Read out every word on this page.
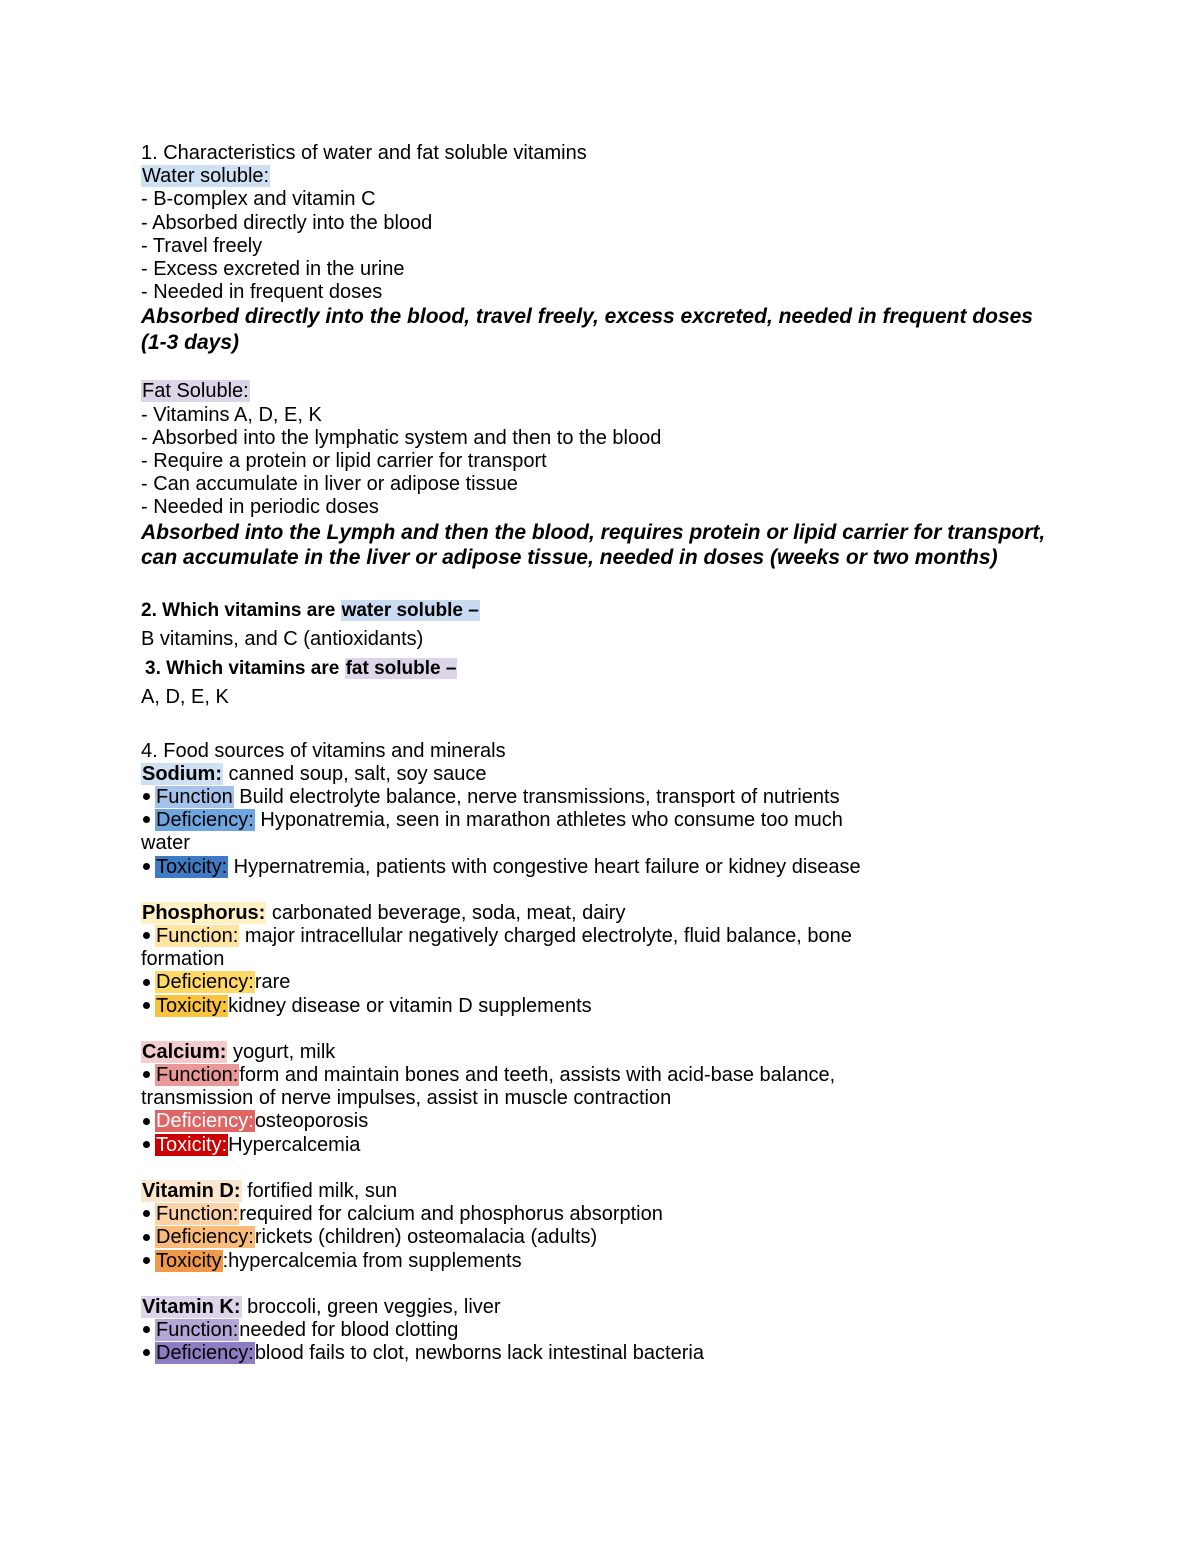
1. Characteristics of water and fat soluble vitamins
Water soluble:
- B-complex and vitamin C
- Absorbed directly into the blood
- Travel freely
- Excess excreted in the urine
- Needed in frequent doses
Absorbed directly into the blood, travel freely, excess excreted, needed in frequent doses (1-3 days)
Fat Soluble:
- Vitamins A, D, E, K
- Absorbed into the lymphatic system and then to the blood
- Require a protein or lipid carrier for transport
- Can accumulate in liver or adipose tissue
- Needed in periodic doses
Absorbed into the Lymph and then the blood, requires protein or lipid carrier for transport, can accumulate in the liver or adipose tissue, needed in doses (weeks or two months)
2. Which vitamins are water soluble –
B vitamins, and C (antioxidants)
3. Which vitamins are fat soluble –
A, D, E, K
4. Food sources of vitamins and minerals
Sodium: canned soup, salt, soy sauce
Function Build electrolyte balance, nerve transmissions, transport of nutrients
Deficiency: Hyponatremia, seen in marathon athletes who consume too much
water
Toxicity: Hypernatremia, patients with congestive heart failure or kidney disease
Phosphorus: carbonated beverage, soda, meat, dairy
Function: major intracellular negatively charged electrolyte, fluid balance, bone
formation
Deficiency:rare
Toxicity:kidney disease or vitamin D supplements
Calcium: yogurt, milk
Function:form and maintain bones and teeth, assists with acid-base balance,
transmission of nerve impulses, assist in muscle contraction
Deficiency:osteoporosis
Toxicity:Hypercalcemia
Vitamin D: fortified milk, sun
Function:required for calcium and phosphorus absorption
Deficiency:rickets (children) osteomalacia (adults)
Toxicity:hypercalcemia from supplements
Vitamin K: broccoli, green veggies, liver
Function:needed for blood clotting
Deficiency:blood fails to clot, newborns lack intestinal bacteria
